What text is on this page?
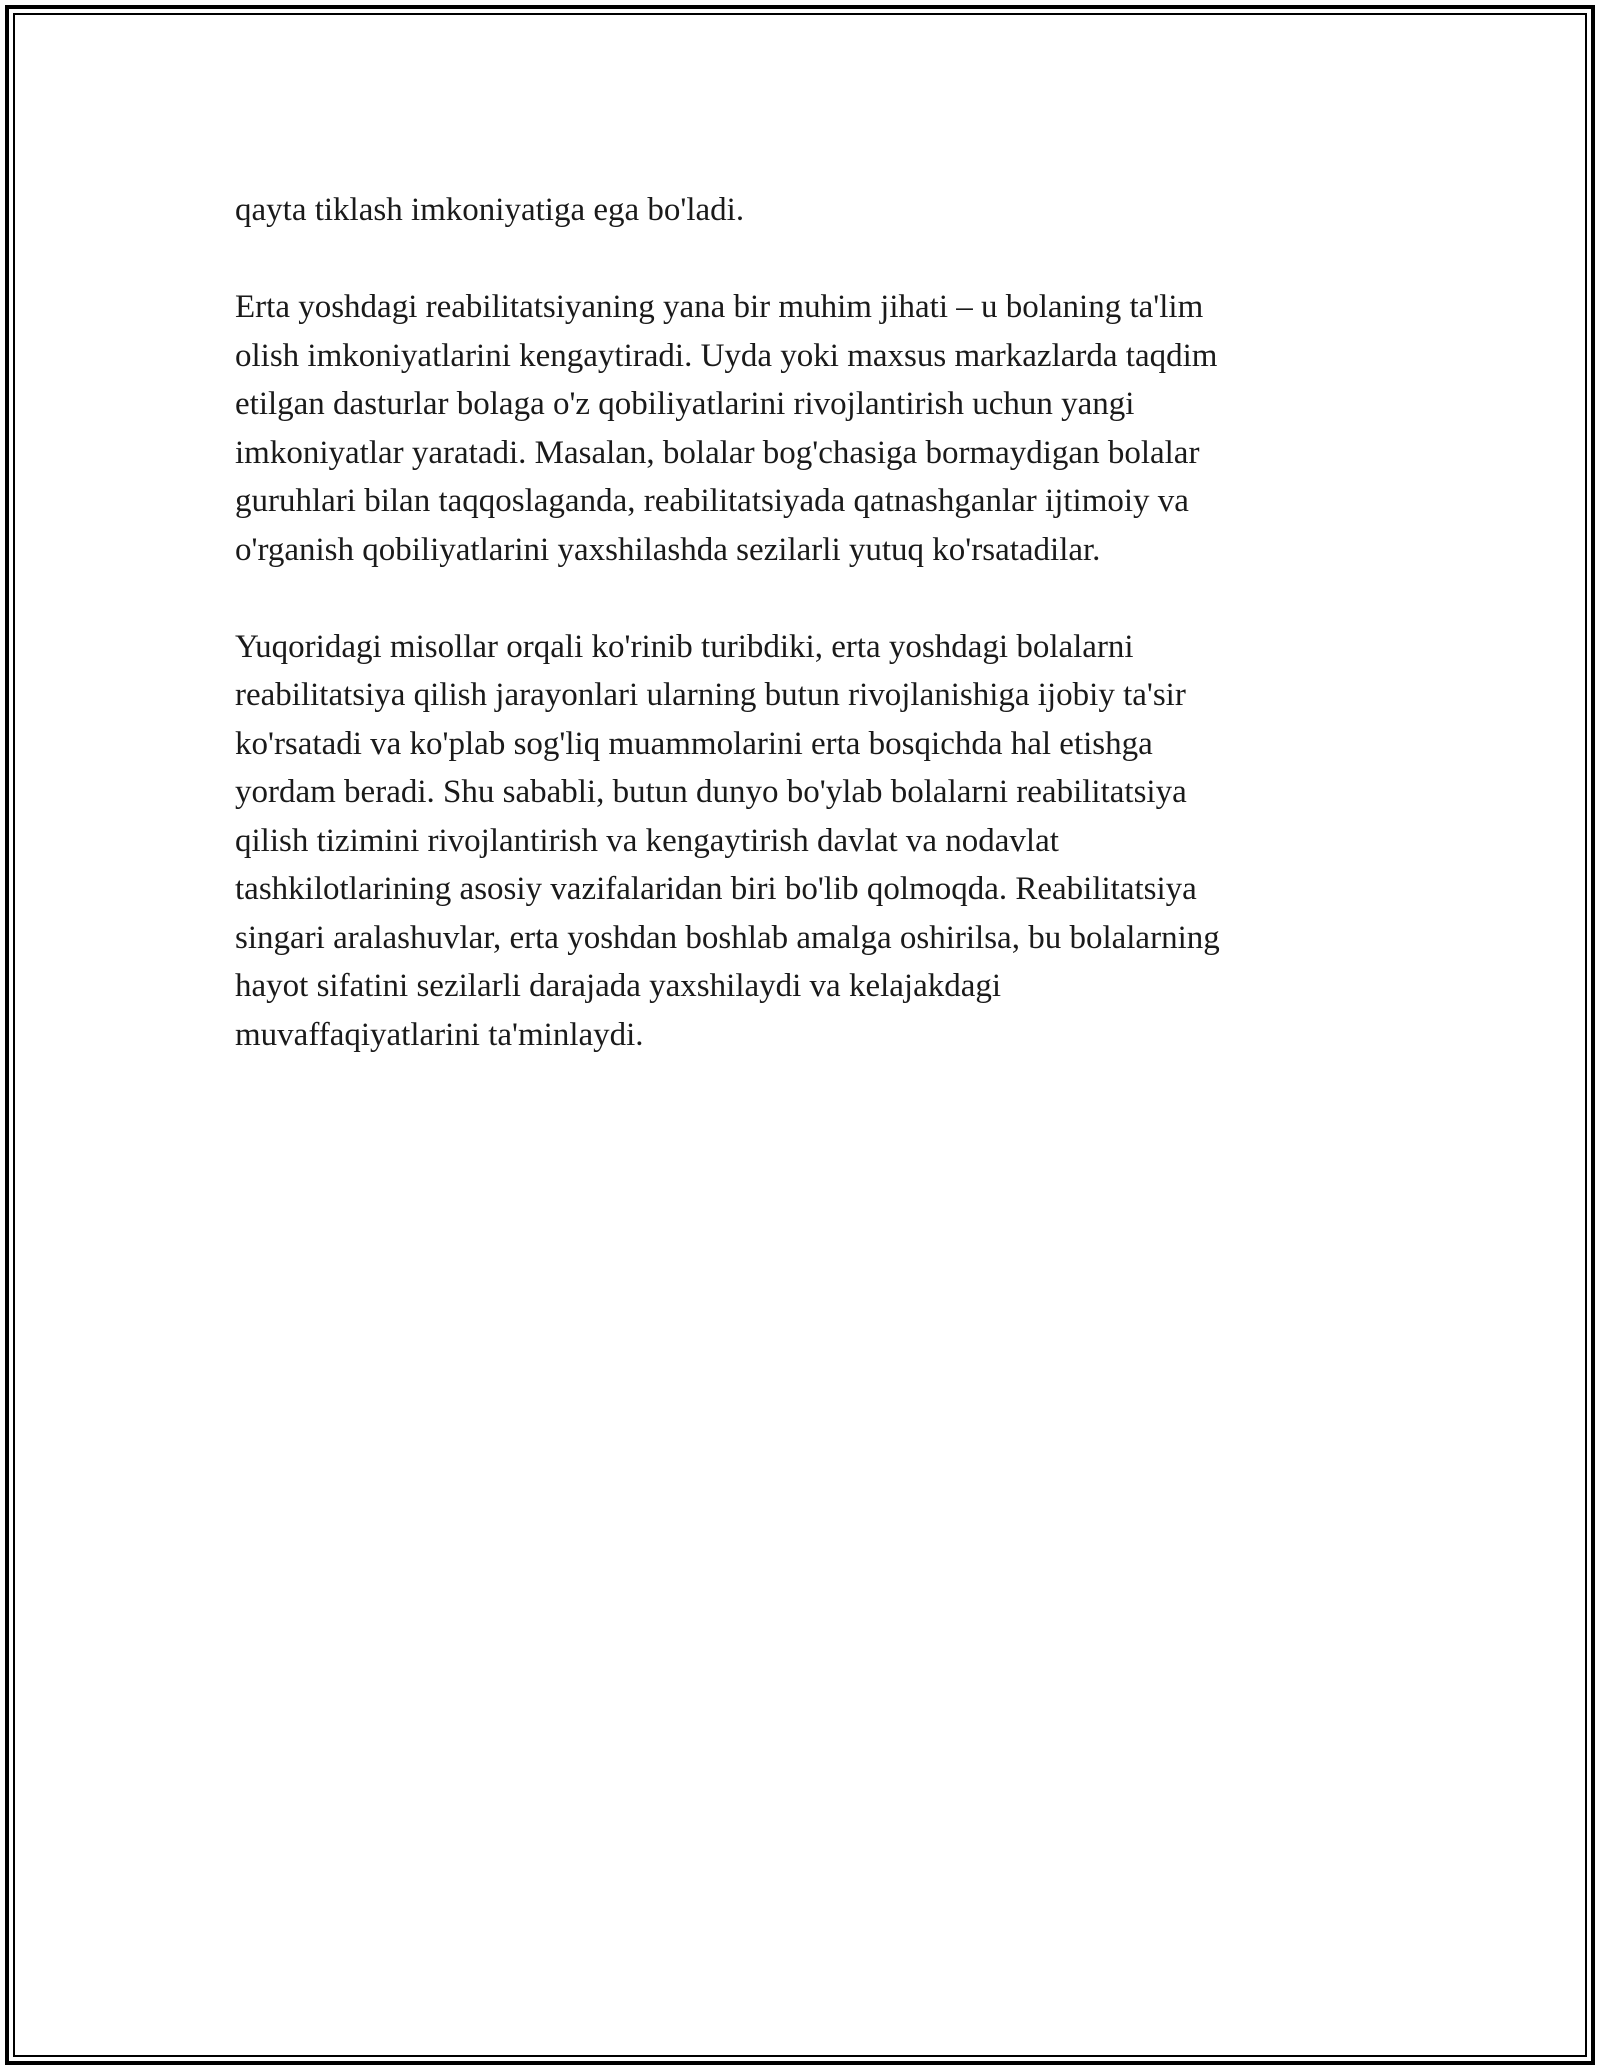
qayta tiklash imkoniyatiga ega bo'ladi.

Erta yoshdagi reabilitatsiyaning yana bir muhim jihati – u bolaning ta'lim
olish imkoniyatlarini kengaytiradi. Uyda yoki maxsus markazlarda taqdim
etilgan dasturlar bolaga o'z qobiliyatlarini rivojlantirish uchun yangi
imkoniyatlar yaratadi. Masalan, bolalar bog'chasiga bormaydigan bolalar
guruhlari bilan taqqoslaganda, reabilitatsiyada qatnashganlar ijtimoiy va
o'rganish qobiliyatlarini yaxshilashda sezilarli yutuq ko'rsatadilar.

Yuqoridagi misollar orqali ko'rinib turibdiki, erta yoshdagi bolalarni
reabilitatsiya qilish jarayonlari ularning butun rivojlanishiga ijobiy ta'sir
ko'rsatadi va ko'plab sog'liq muammolarini erta bosqichda hal etishga
yordam beradi. Shu sababli, butun dunyo bo'ylab bolalarni reabilitatsiya
qilish tizimini rivojlantirish va kengaytirish davlat va nodavlat
tashkilotlarining asosiy vazifalaridan biri bo'lib qolmoqda. Reabilitatsiya
singari aralashuvlar, erta yoshdan boshlab amalga oshirilsa, bu bolalarning
hayot sifatini sezilarli darajada yaxshilaydi va kelajakdagi
muvaffaqiyatlarini ta'minlaydi.
